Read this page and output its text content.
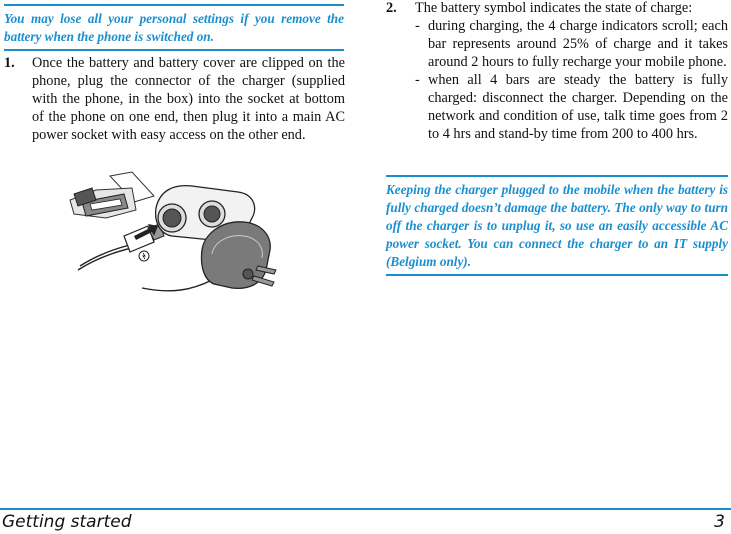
You may lose all your personal settings if you remove the battery when the phone is switched on.
1. Once the battery and battery cover are clipped on the phone, plug the connector of the charger (supplied with the phone, in the box) into the socket at bottom of the phone on one end, then plug it into a main AC power socket with easy access on the other end.
2. The battery symbol indicates the state of charge:
- during charging, the 4 charge indicators scroll; each bar represents around 25% of charge and it takes around 2 hours to fully recharge your mobile phone.
- when all 4 bars are steady the battery is fully charged: disconnect the charger. Depending on the network and condition of use, talk time goes from 2 to 4 hrs and stand-by time from 200 to 400 hrs.
Keeping the charger plugged to the mobile when the battery is fully charged doesn’t damage the battery. The only way to turn off the charger is to unplug it, so use an easily accessible AC power socket. You can connect the charger to an IT supply (Belgium only).
Getting started	3
